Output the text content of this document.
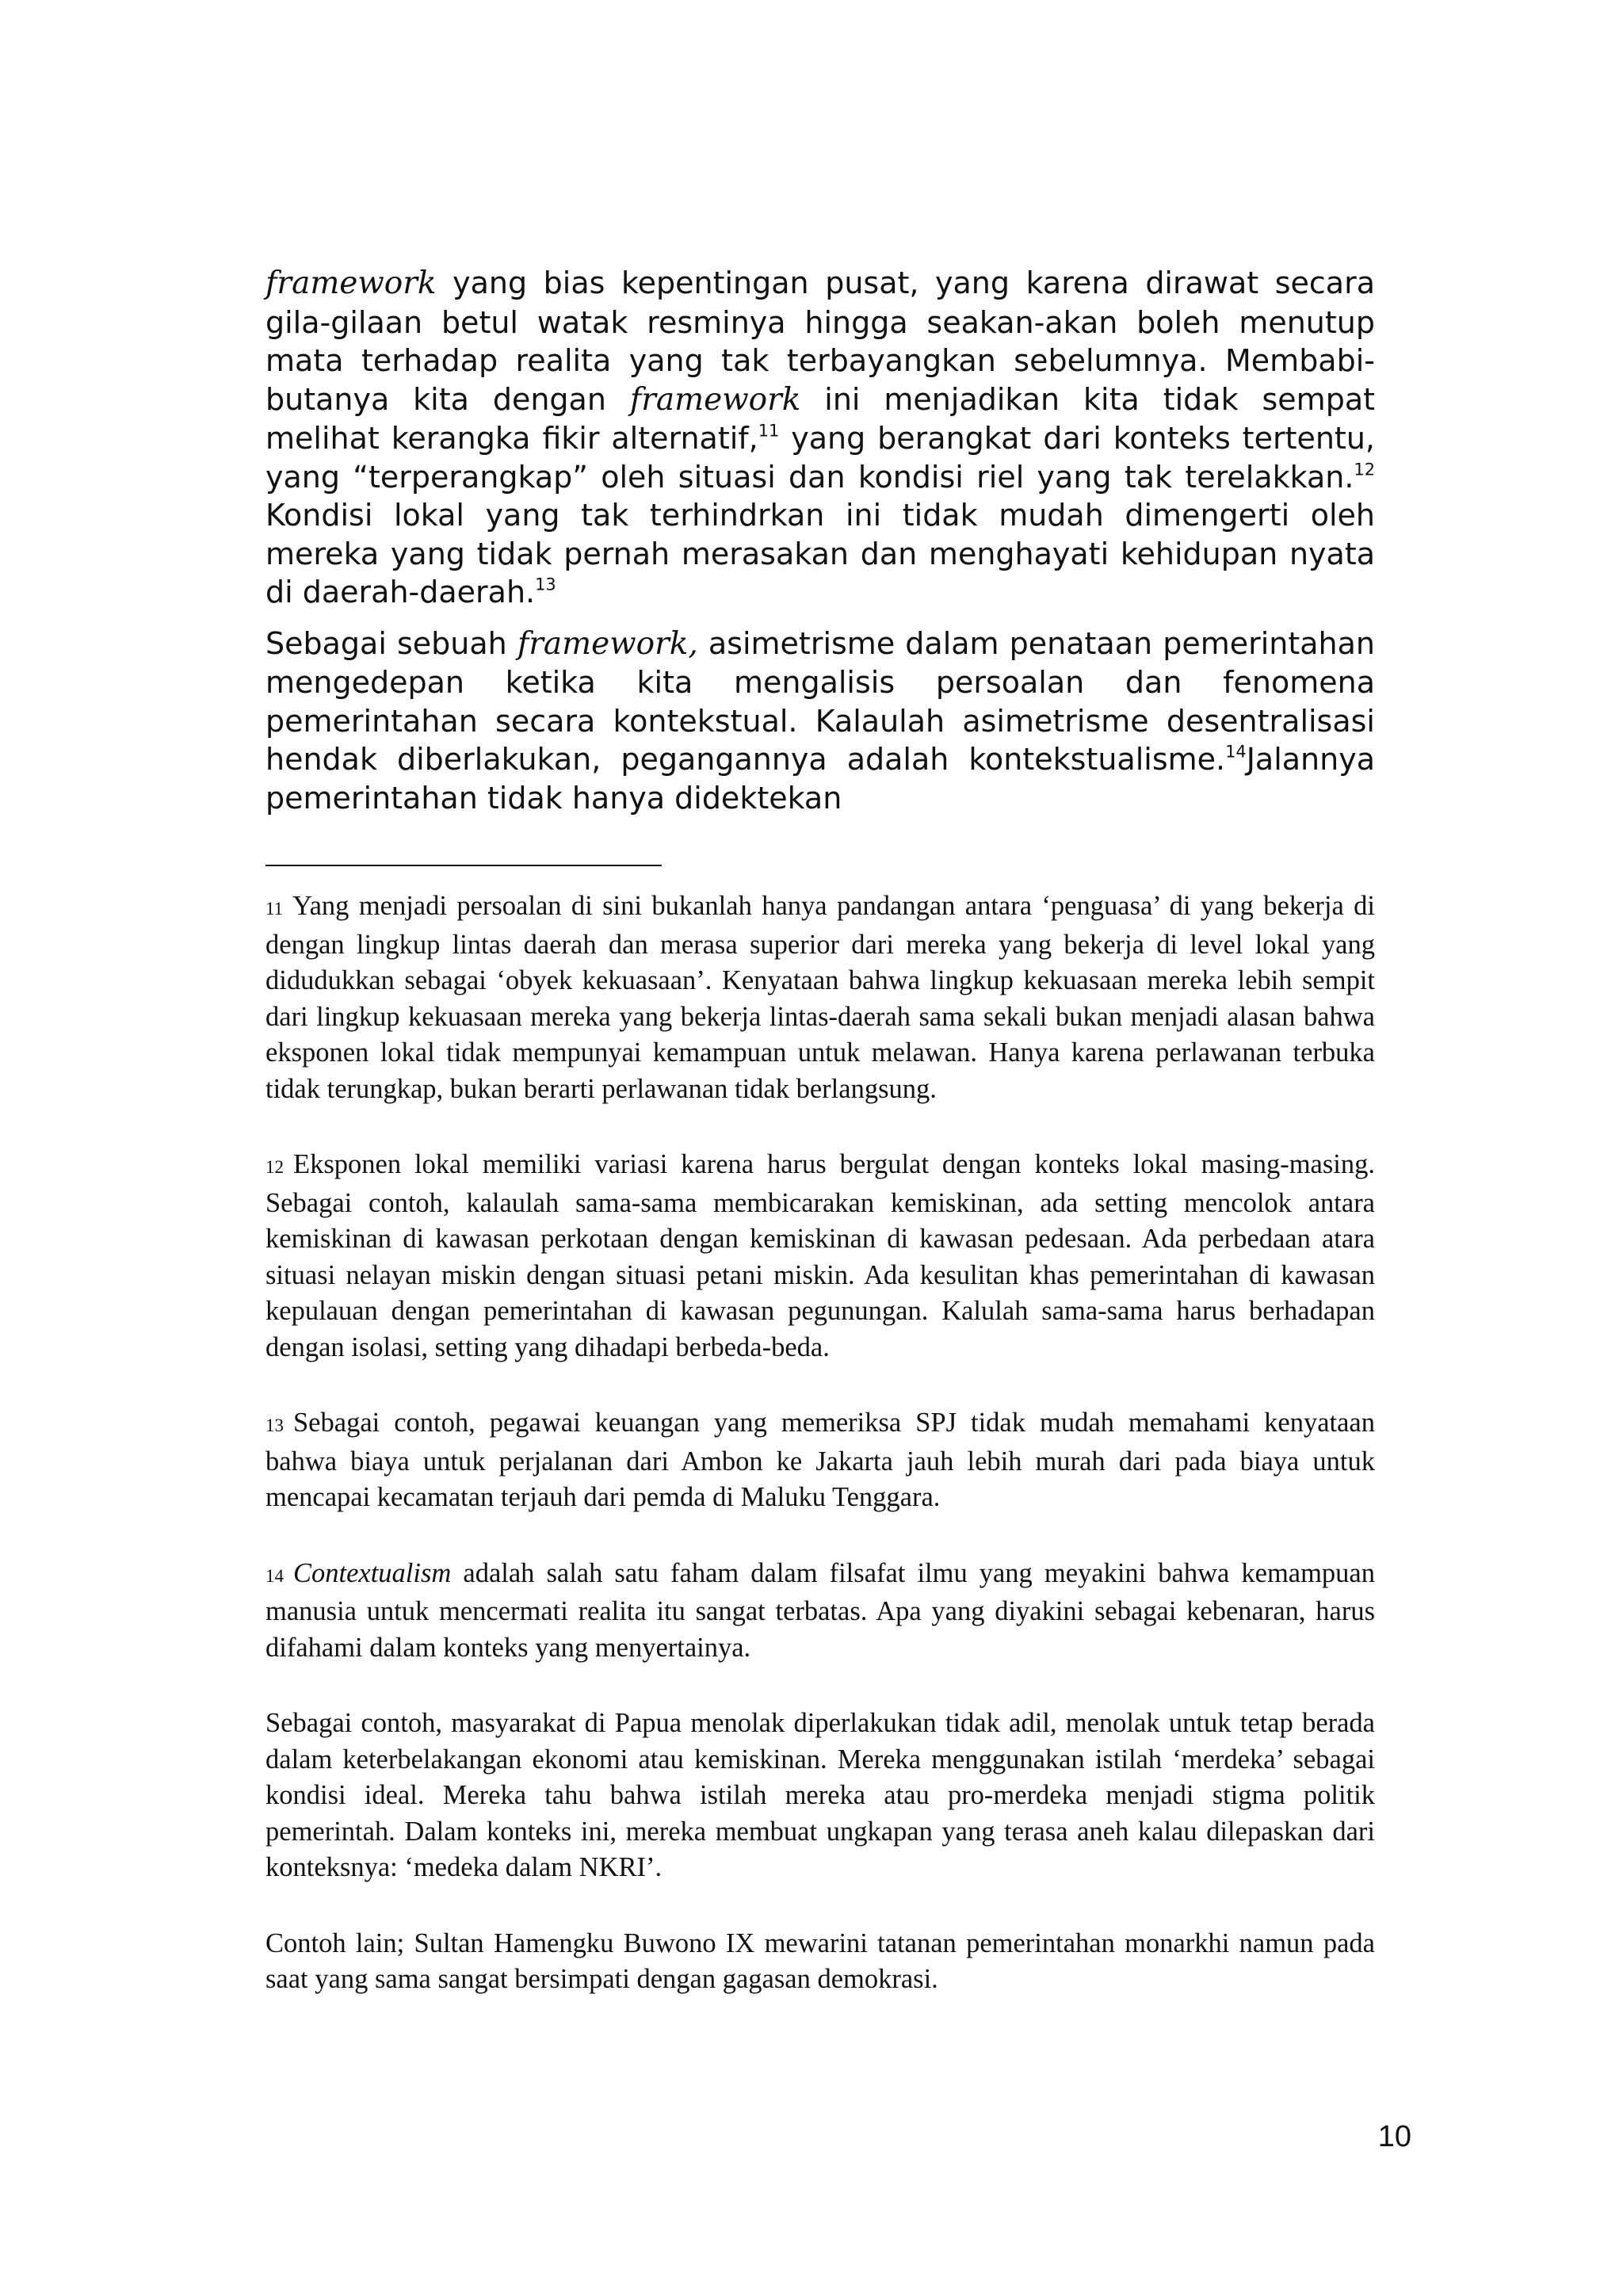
framework yang bias kepentingan pusat, yang karena dirawat secara gila-gilaan betul watak resminya hingga seakan-akan boleh menutup mata terhadap realita yang tak terbayangkan sebelumnya. Membabi-butanya kita dengan framework ini menjadikan kita tidak sempat melihat kerangka fikir alternatif,$^{11}$ yang berangkat dari konteks tertentu, yang “terperangkap” oleh situasi dan kondisi riel yang tak terelakkan.$^{12}$ Kondisi lokal yang tak terhindrkan ini tidak mudah dimengerti oleh mereka yang tidak pernah merasakan dan menghayati kehidupan nyata di daerah-daerah.$^{13}$

Sebagai sebuah framework, asimetrisme dalam penataan pemerintahan mengedepan ketika kita mengalisis persoalan dan fenomena pemerintahan secara kontekstual. Kalaulah asimetrisme desentralisasi hendak diberlakukan, pegangannya adalah kontekstualisme.$^{14}$Jalannya pemerintahan tidak hanya didektekan

11 Yang menjadi persoalan di sini bukanlah hanya pandangan antara ‘penguasa’ di yang bekerja di dengan lingkup lintas daerah dan merasa superior dari mereka yang bekerja di level lokal yang didudukkan sebagai ‘obyek kekuasaan’. Kenyataan bahwa lingkup kekuasaan mereka lebih sempit dari lingkup kekuasaan mereka yang bekerja lintas-daerah sama sekali bukan menjadi alasan bahwa eksponen lokal tidak mempunyai kemampuan untuk melawan. Hanya karena perlawanan terbuka tidak terungkap, bukan berarti perlawanan tidak berlangsung.

12 Eksponen lokal memiliki variasi karena harus bergulat dengan konteks lokal masing-masing. Sebagai contoh, kalaulah sama-sama membicarakan kemiskinan, ada setting mencolok antara kemiskinan di kawasan perkotaan dengan kemiskinan di kawasan pedesaan. Ada perbedaan atara situasi nelayan miskin dengan situasi petani miskin. Ada kesulitan khas pemerintahan di kawasan kepulauan dengan pemerintahan di kawasan pegunungan. Kalulah sama-sama harus berhadapan dengan isolasi, setting yang dihadapi berbeda-beda.

13 Sebagai contoh, pegawai keuangan yang memeriksa SPJ tidak mudah memahami kenyataan bahwa biaya untuk perjalanan dari Ambon ke Jakarta jauh lebih murah dari pada biaya untuk mencapai kecamatan terjauh dari pemda di Maluku Tenggara.

14 Contextualism adalah salah satu faham dalam filsafat ilmu yang meyakini bahwa kemampuan manusia untuk mencermati realita itu sangat terbatas. Apa yang diyakini sebagai kebenaran, harus difahami dalam konteks yang menyertainya.

Sebagai contoh, masyarakat di Papua menolak diperlakukan tidak adil, menolak untuk tetap berada dalam keterbelakangan ekonomi atau kemiskinan. Mereka menggunakan istilah ‘merdeka’ sebagai kondisi ideal. Mereka tahu bahwa istilah mereka atau pro-merdeka menjadi stigma politik pemerintah. Dalam konteks ini, mereka membuat ungkapan yang terasa aneh kalau dilepaskan dari konteksnya: ‘medeka dalam NKRI’.

Contoh lain; Sultan Hamengku Buwono IX mewarini tatanan pemerintahan monarkhi namun pada saat yang sama sangat bersimpati dengan gagasan demokrasi.

10
